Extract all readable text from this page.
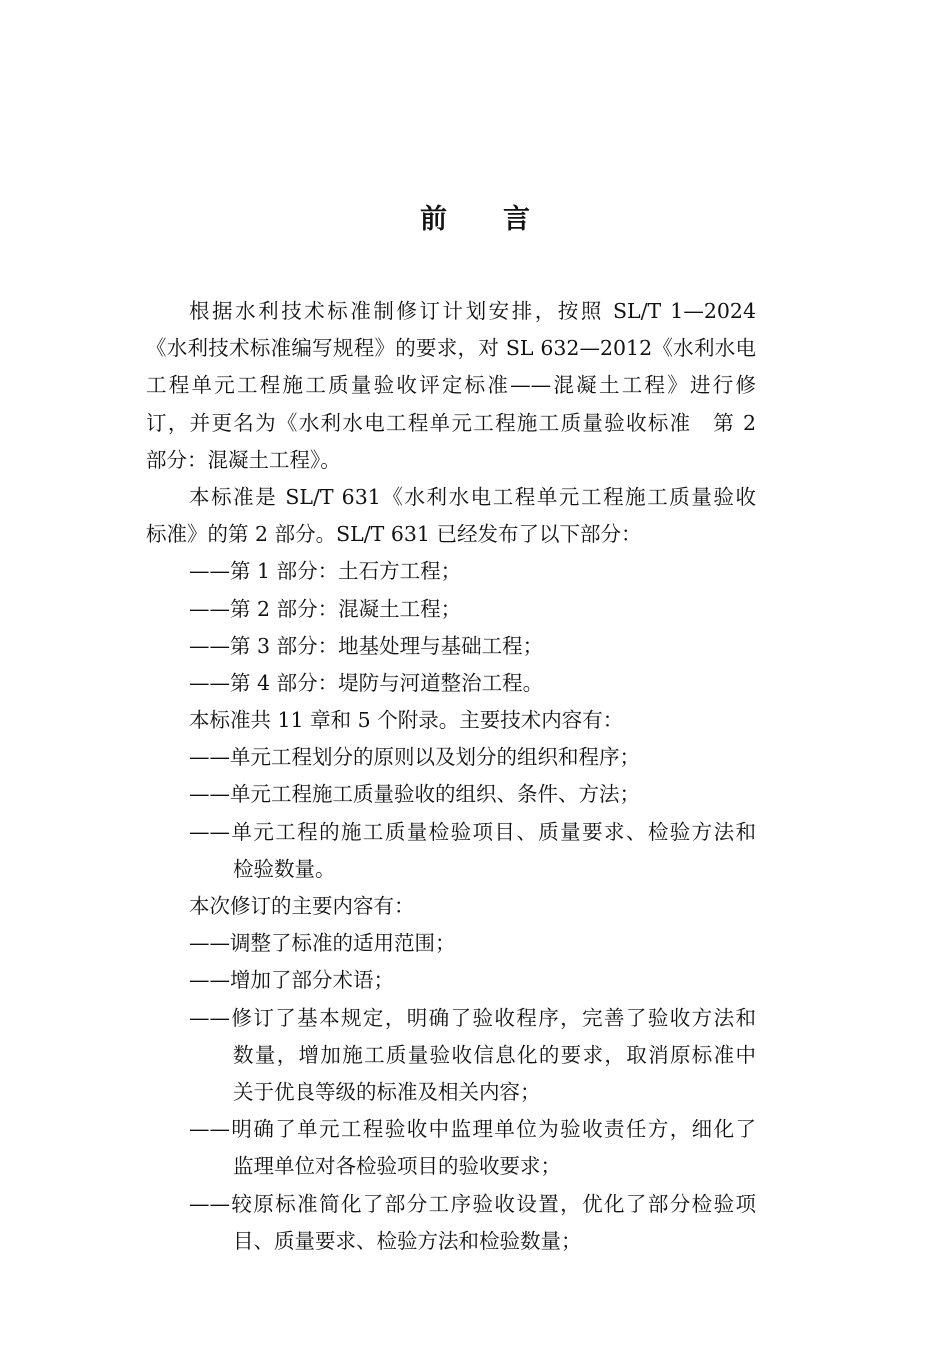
前 言
根据水利技术标准制修订计划安排，按照 SL/T 1—2024
《水利技术标准编写规程》的要求，对 SL 632—2012《水利水电
工程单元工程施工质量验收评定标准——混凝土工程》进行修
订，并更名为《水利水电工程单元工程施工质量验收标准　第 2
部分：混凝土工程》。
本标准是 SL/T 631《水利水电工程单元工程施工质量验收
标准》的第 2 部分。SL/T 631 已经发布了以下部分：
——第 1 部分：土石方工程；
——第 2 部分：混凝土工程；
——第 3 部分：地基处理与基础工程；
——第 4 部分：堤防与河道整治工程。
本标准共 11 章和 5 个附录。主要技术内容有：
——单元工程划分的原则以及划分的组织和程序；
——单元工程施工质量验收的组织、条件、方法；
——单元工程的施工质量检验项目、质量要求、检验方法和
检验数量。
本次修订的主要内容有：
——调整了标准的适用范围；
——增加了部分术语；
——修订了基本规定，明确了验收程序，完善了验收方法和
数量，增加施工质量验收信息化的要求，取消原标准中
关于优良等级的标准及相关内容；
——明确了单元工程验收中监理单位为验收责任方，细化了
监理单位对各检验项目的验收要求；
——较原标准简化了部分工序验收设置，优化了部分检验项
目、质量要求、检验方法和检验数量；
